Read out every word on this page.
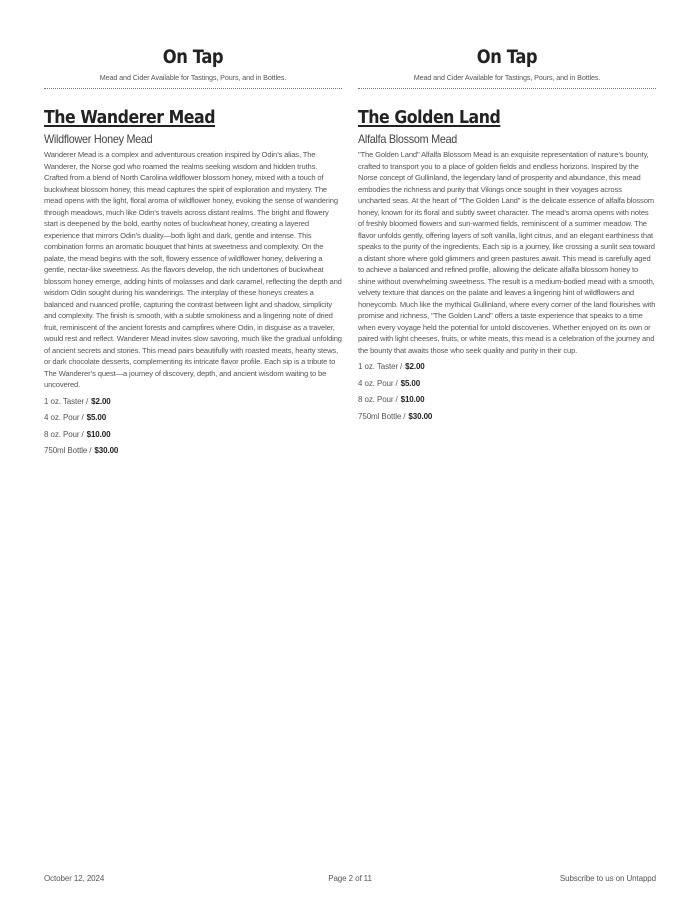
On Tap
Mead and Cider Available for Tastings, Pours, and in Bottles.
The Wanderer Mead
Wildflower Honey Mead
Wanderer Mead is a complex and adventurous creation inspired by Odin’s alias, The Wanderer, the Norse god who roamed the realms seeking wisdom and hidden truths. Crafted from a blend of North Carolina wildflower blossom honey, mixed with a touch of buckwheat blossom honey, this mead captures the spirit of exploration and mystery. The mead opens with the light, floral aroma of wildflower honey, evoking the sense of wandering through meadows, much like Odin’s travels across distant realms. The bright and flowery start is deepened by the bold, earthy notes of buckwheat honey, creating a layered experience that mirrors Odin’s duality—both light and dark, gentle and intense. This combination forms an aromatic bouquet that hints at sweetness and complexity. On the palate, the mead begins with the soft, flowery essence of wildflower honey, delivering a gentle, nectar-like sweetness. As the flavors develop, the rich undertones of buckwheat blossom honey emerge, adding hints of molasses and dark caramel, reflecting the depth and wisdom Odin sought during his wanderings. The interplay of these honeys creates a balanced and nuanced profile, capturing the contrast between light and shadow, simplicity and complexity. The finish is smooth, with a subtle smokiness and a lingering note of dried fruit, reminiscent of the ancient forests and campfires where Odin, in disguise as a traveler, would rest and reflect. Wanderer Mead invites slow savoring, much like the gradual unfolding of ancient secrets and stories. This mead pairs beautifully with roasted meats, hearty stews, or dark chocolate desserts, complementing its intricate flavor profile. Each sip is a tribute to The Wanderer’s quest—a journey of discovery, depth, and ancient wisdom waiting to be uncovered.
1 oz. Taster / $2.00
4 oz. Pour / $5.00
8 oz. Pour / $10.00
750ml Bottle / $30.00
On Tap
Mead and Cider Available for Tastings, Pours, and in Bottles.
The Golden Land
Alfalfa Blossom Mead
"The Golden Land" Alfalfa Blossom Mead is an exquisite representation of nature’s bounty, crafted to transport you to a place of golden fields and endless horizons. Inspired by the Norse concept of Gullinland, the legendary land of prosperity and abundance, this mead embodies the richness and purity that Vikings once sought in their voyages across uncharted seas. At the heart of "The Golden Land" is the delicate essence of alfalfa blossom honey, known for its floral and subtly sweet character. The mead’s aroma opens with notes of freshly bloomed flowers and sun-warmed fields, reminiscent of a summer meadow. The flavor unfolds gently, offering layers of soft vanilla, light citrus, and an elegant earthiness that speaks to the purity of the ingredients. Each sip is a journey, like crossing a sunlit sea toward a distant shore where gold glimmers and green pastures await. This mead is carefully aged to achieve a balanced and refined profile, allowing the delicate alfalfa blossom honey to shine without overwhelming sweetness. The result is a medium-bodied mead with a smooth, velvety texture that dances on the palate and leaves a lingering hint of wildflowers and honeycomb. Much like the mythical Gullinland, where every corner of the land flourishes with promise and richness, "The Golden Land" offers a taste experience that speaks to a time when every voyage held the potential for untold discoveries. Whether enjoyed on its own or paired with light cheeses, fruits, or white meats, this mead is a celebration of the journey and the bounty that awaits those who seek quality and purity in their cup.
1 oz. Taster / $2.00
4 oz. Pour / $5.00
8 oz. Pour / $10.00
750ml Bottle / $30.00
October 12, 2024	Page 2 of 11	Subscribe to us on Untappd
